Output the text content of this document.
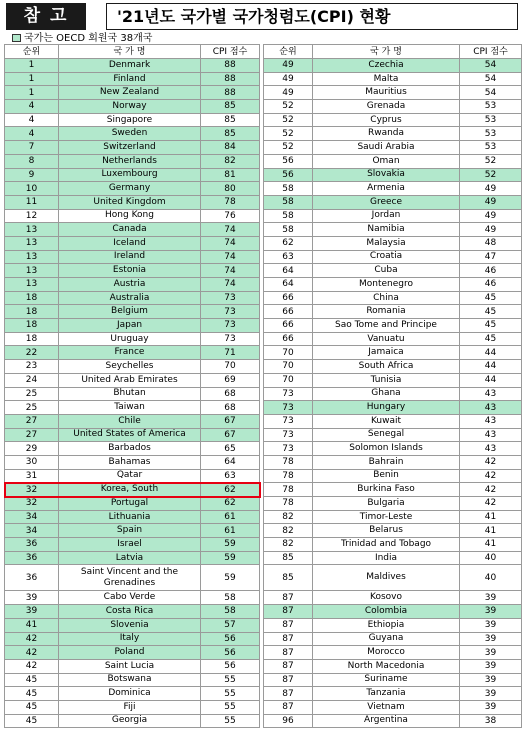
참 고	'21년도 국가별 국가청렴도(CPI) 현황
국가는 OECD 회원국 38개국
순위	국 가 명	CPI 점수
1	Denmark	88
1	Finland	88
1	New Zealand	88
4	Norway	85
4	Singapore	85
4	Sweden	85
7	Switzerland	84
8	Netherlands	82
9	Luxembourg	81
10	Germany	80
11	United Kingdom	78
12	Hong Kong	76
13	Canada	74
13	Iceland	74
13	Ireland	74
13	Estonia	74
13	Austria	74
18	Australia	73
18	Belgium	73
18	Japan	73
18	Uruguay	73
22	France	71
23	Seychelles	70
24	United Arab Emirates	69
25	Bhutan	68
25	Taiwan	68
27	Chile	67
27	United States of America	67
29	Barbados	65
30	Bahamas	64
31	Qatar	63
32	Korea, South	62
32	Portugal	62
34	Lithuania	61
34	Spain	61
36	Israel	59
36	Latvia	59
36	Saint Vincent and the Grenadines	59
39	Cabo Verde	58
39	Costa Rica	58
41	Slovenia	57
42	Italy	56
42	Poland	56
42	Saint Lucia	56
45	Botswana	55
45	Dominica	55
45	Fiji	55
45	Georgia	55
순위	국 가 명	CPI 점수
49	Czechia	54
49	Malta	54
49	Mauritius	54
52	Grenada	53
52	Cyprus	53
52	Rwanda	53
52	Saudi Arabia	53
56	Oman	52
56	Slovakia	52
58	Armenia	49
58	Greece	49
58	Jordan	49
58	Namibia	49
62	Malaysia	48
63	Croatia	47
64	Cuba	46
64	Montenegro	46
66	China	45
66	Romania	45
66	Sao Tome and Principe	45
66	Vanuatu	45
70	Jamaica	44
70	South Africa	44
70	Tunisia	44
73	Ghana	43
73	Hungary	43
73	Kuwait	43
73	Senegal	43
73	Solomon Islands	43
78	Bahrain	42
78	Benin	42
78	Burkina Faso	42
78	Bulgaria	42
82	Timor-Leste	41
82	Belarus	41
82	Trinidad and Tobago	41
85	India	40
85	Maldives	40
87	Kosovo	39
87	Colombia	39
87	Ethiopia	39
87	Guyana	39
87	Morocco	39
87	North Macedonia	39
87	Suriname	39
87	Tanzania	39
87	Vietnam	39
96	Argentina	38
